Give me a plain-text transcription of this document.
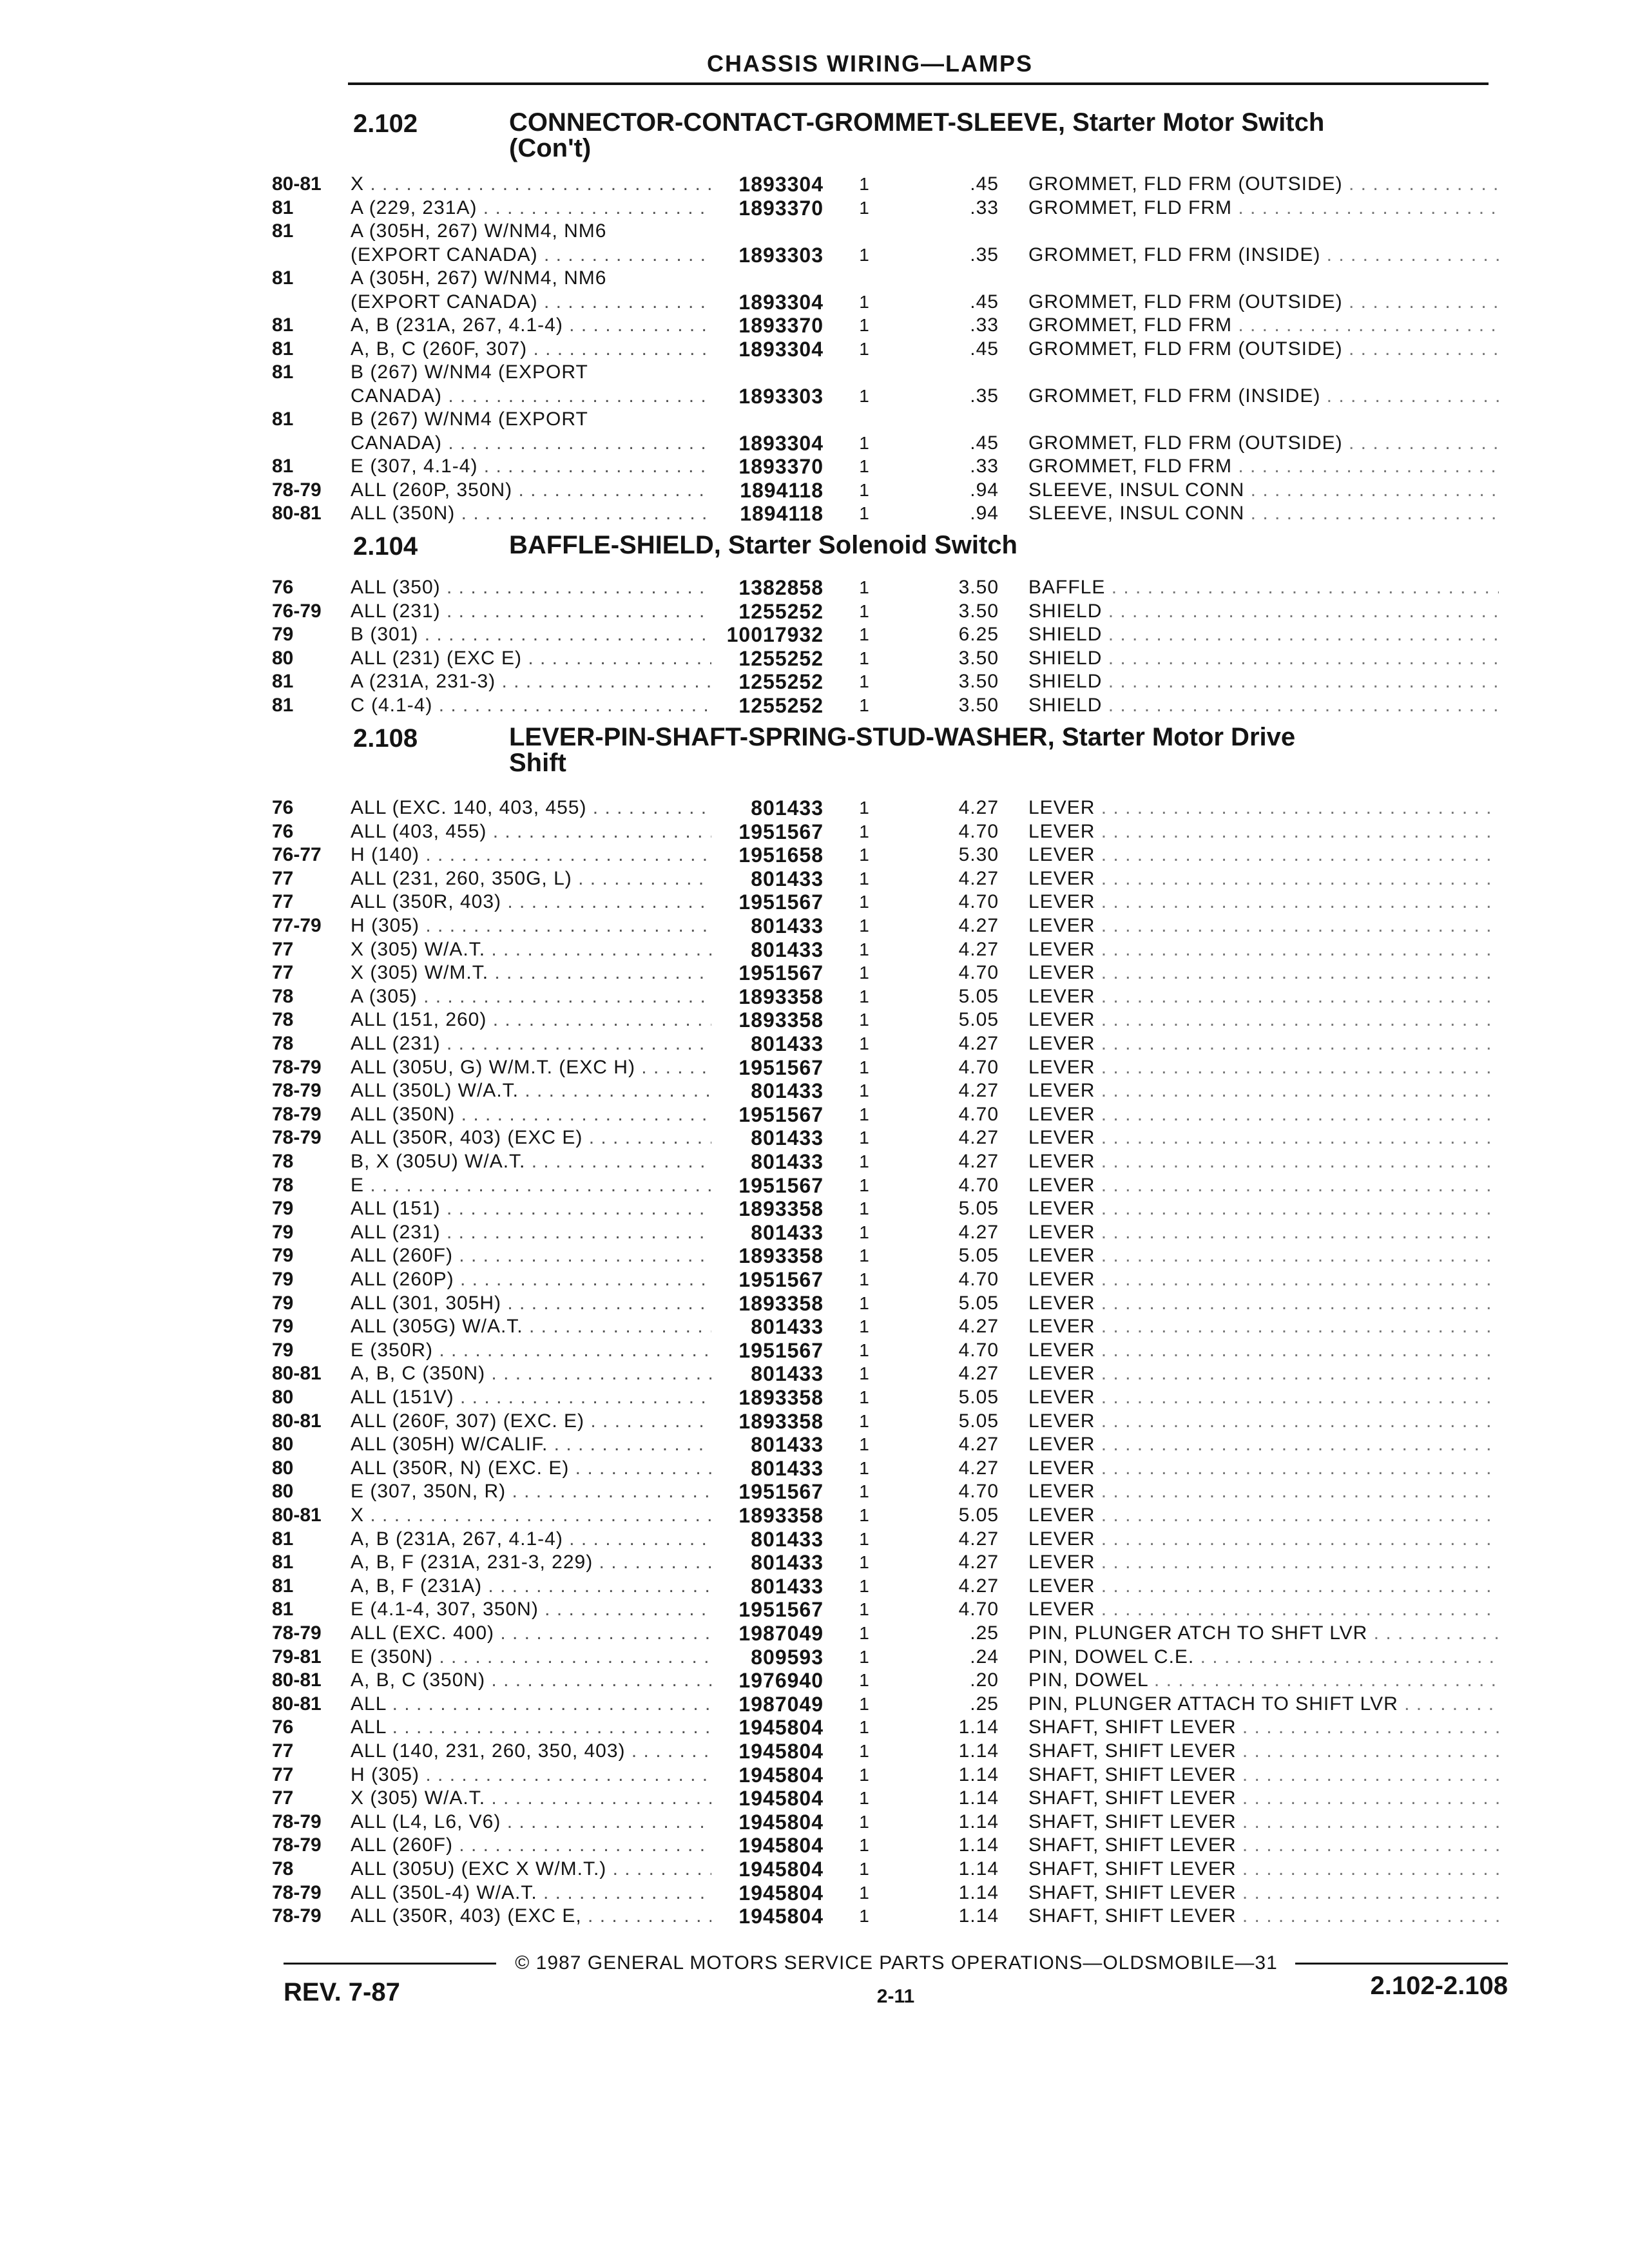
CHASSIS WIRING—LAMPS
2.102	CONNECTOR-CONTACT-GROMMET-SLEEVE, Starter Motor Switch
(Con't)
80-81 X . . .	1893304 1	.45 GROMMET, FLD FRM (OUTSIDE) . . .
81	A (229, 231A) . . .	1893370 1	.33 GROMMET, FLD FRM . . .
81	A (305H, 267) W/NM4, NM6
(EXPORT CANADA) . . .	1893303 1	.35 GROMMET, FLD FRM (INSIDE) . . .
81	A (305H, 267) W/NM4, NM6
(EXPORT CANADA) . . .	1893304 1	.45 GROMMET, FLD FRM (OUTSIDE) . . .
81	A, B (231A, 267, 4.1-4) . . .	1893370 1	.33 GROMMET, FLD FRM . . .
81	A, B, C (260F, 307) . . .	1893304 1	.45 GROMMET, FLD FRM (OUTSIDE) . . .
81	B (267) W/NM4 (EXPORT
CANADA) . . .	1893303 1	.35 GROMMET, FLD FRM (INSIDE) . . .
81	B (267) W/NM4 (EXPORT
CANADA) . . .	1893304 1	.45 GROMMET, FLD FRM (OUTSIDE) . . .
81	E (307, 4.1-4) . . .	1893370 1	.33 GROMMET, FLD FRM . . .
78-79 ALL (260P, 350N) . . .	1894118 1	.94 SLEEVE, INSUL CONN . . .
80-81 ALL (350N) . . .	1894118 1	.94 SLEEVE, INSUL CONN . . .
2.104	BAFFLE-SHIELD, Starter Solenoid Switch
76	ALL (350) . . .	1382858 1	3.50 BAFFLE . . .
76-79 ALL (231) . . .	1255252 1	3.50 SHIELD . . .
79	B (301) . . .	10017932 1	6.25 SHIELD . . .
80	ALL (231) (EXC E) . . .	1255252 1	3.50 SHIELD . . .
81	A (231A, 231-3) . . .	1255252 1	3.50 SHIELD . . .
81	C (4.1-4) . . .	1255252 1	3.50 SHIELD . . .
2.108	LEVER-PIN-SHAFT-SPRING-STUD-WASHER, Starter Motor Drive
Shift
76	ALL (EXC. 140, 403, 455) . . .	801433 1	4.27 LEVER . . .
76	ALL (403, 455) . . .	1951567 1	4.70 LEVER . . .
76-77 H (140) . . .	1951658 1	5.30 LEVER . . .
77	ALL (231, 260, 350G, L) . . .	801433 1	4.27 LEVER . . .
77	ALL (350R, 403) . . .	1951567 1	4.70 LEVER . . .
77-79 H (305) . . .	801433 1	4.27 LEVER . . .
77	X (305) W/A.T. . . .	801433 1	4.27 LEVER . . .
77	X (305) W/M.T. . . .	1951567 1	4.70 LEVER . . .
78	A (305) . . .	1893358 1	5.05 LEVER . . .
78	ALL (151, 260) . . .	1893358 1	5.05 LEVER . . .
78	ALL (231) . . .	801433 1	4.27 LEVER . . .
78-79 ALL (305U, G) W/M.T. (EXC H) . . .	1951567 1	4.70 LEVER . . .
78-79 ALL (350L) W/A.T. . . .	801433 1	4.27 LEVER . . .
78-79 ALL (350N) . . .	1951567 1	4.70 LEVER . . .
78-79 ALL (350R, 403) (EXC E) . . .	801433 1	4.27 LEVER . . .
78	B, X (305U) W/A.T. . . .	801433 1	4.27 LEVER . . .
78	E . . .	1951567 1	4.70 LEVER . . .
79	ALL (151) . . .	1893358 1	5.05 LEVER . . .
79	ALL (231) . . .	801433 1	4.27 LEVER . . .
79	ALL (260F) . . .	1893358 1	5.05 LEVER . . .
79	ALL (260P) . . .	1951567 1	4.70 LEVER . . .
79	ALL (301, 305H) . . .	1893358 1	5.05 LEVER . . .
79	ALL (305G) W/A.T. . . .	801433 1	4.27 LEVER . . .
79	E (350R) . . .	1951567 1	4.70 LEVER . . .
80-81 A, B, C (350N) . . .	801433 1	4.27 LEVER . . .
80	ALL (151V) . . .	1893358 1	5.05 LEVER . . .
80-81 ALL (260F, 307) (EXC. E) . . .	1893358 1	5.05 LEVER . . .
80	ALL (305H) W/CALIF. . . .	801433 1	4.27 LEVER . . .
80	ALL (350R, N) (EXC. E) . . .	801433 1	4.27 LEVER . . .
80	E (307, 350N, R) . . .	1951567 1	4.70 LEVER . . .
80-81 X . . .	1893358 1	5.05 LEVER . . .
81	A, B (231A, 267, 4.1-4) . . .	801433 1	4.27 LEVER . . .
81	A, B, F (231A, 231-3, 229) . . .	801433 1	4.27 LEVER . . .
81	A, B, F (231A) . . .	801433 1	4.27 LEVER . . .
81	E (4.1-4, 307, 350N) . . .	1951567 1	4.70 LEVER . . .
78-79 ALL (EXC. 400) . . .	1987049 1	.25 PIN, PLUNGER ATCH TO SHFT LVR . . .
79-81 E (350N) . . .	809593 1	.24 PIN, DOWEL C.E. . . .
80-81 A, B, C (350N) . . .	1976940 1	.20 PIN, DOWEL . . .
80-81 ALL . . .	1987049 1	.25 PIN, PLUNGER ATTACH TO SHIFT LVR . . .
76	ALL . . .	1945804 1	1.14 SHAFT, SHIFT LEVER . . .
77	ALL (140, 231, 260, 350, 403) . . .	1945804 1	1.14 SHAFT, SHIFT LEVER . . .
77	H (305) . . .	1945804 1	1.14 SHAFT, SHIFT LEVER . . .
77	X (305) W/A.T. . . .	1945804 1	1.14 SHAFT, SHIFT LEVER . . .
78-79 ALL (L4, L6, V6) . . .	1945804 1	1.14 SHAFT, SHIFT LEVER . . .
78-79 ALL (260F) . . .	1945804 1	1.14 SHAFT, SHIFT LEVER . . .
78	ALL (305U) (EXC X W/M.T.) . . .	1945804 1	1.14 SHAFT, SHIFT LEVER . . .
78-79 ALL (350L-4) W/A.T. . . .	1945804 1	1.14 SHAFT, SHIFT LEVER . . .
78-79 ALL (350R, 403) (EXC E, . . .	1945804 1	1.14 SHAFT, SHIFT LEVER . . .
© 1987 GENERAL MOTORS SERVICE PARTS OPERATIONS—OLDSMOBILE—31
REV. 7-87	2-11	2.102-2.108
